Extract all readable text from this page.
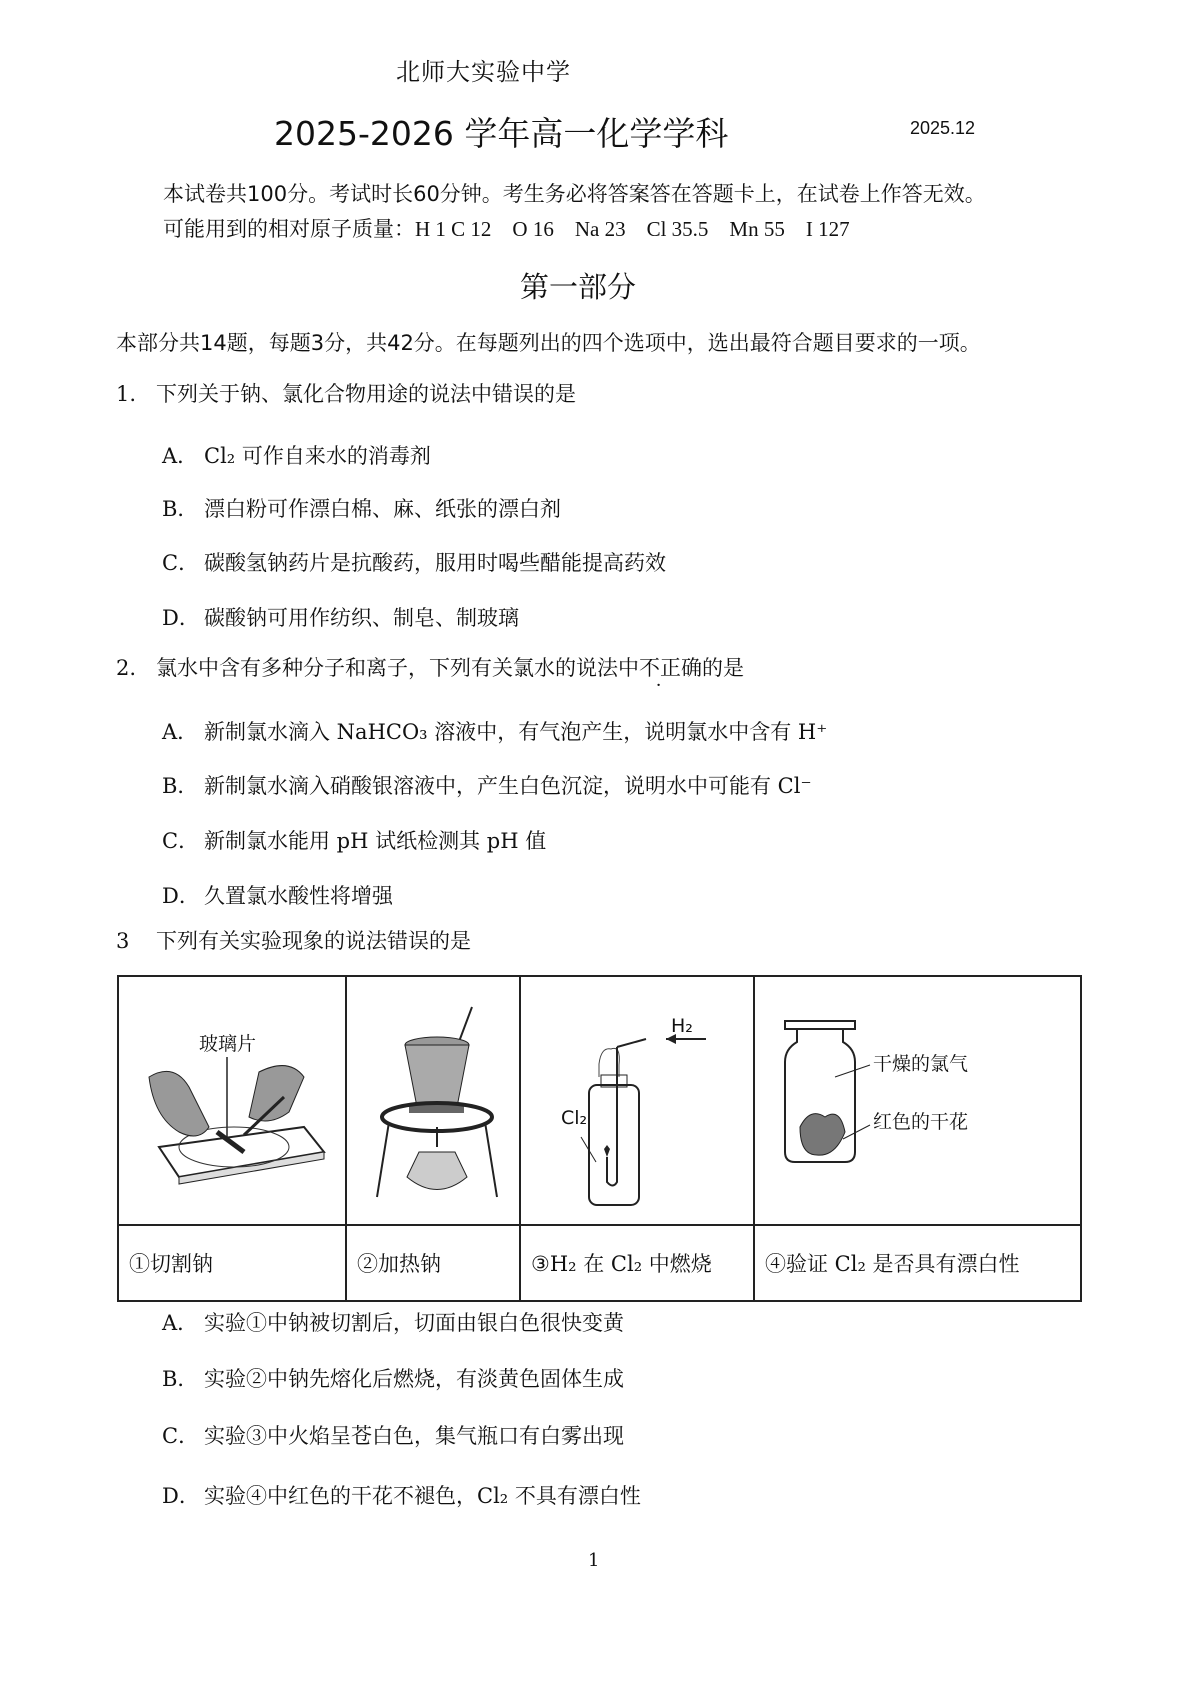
北师大实验中学
2025-2026 学年高一化学学科	2025.12
本试卷共100分。考试时长60分钟。考生务必将答案答在答题卡上，在试卷上作答无效。
可能用到的相对原子质量：H 1 C 12　O 16　Na 23　Cl 35.5　Mn 55　I 127
第一部分
本部分共14题，每题3分，共42分。在每题列出的四个选项中，选出最符合题目要求的一项。
1. 下列关于钠、氯化合物用途的说法中错误的是
A． Cl₂ 可作自来水的消毒剂
B． 漂白粉可作漂白棉、麻、纸张的漂白剂
C． 碳酸氢钠药片是抗酸药，服用时喝些醋能提高药效
D． 碳酸钠可用作纺织、制皂、制玻璃
2. 氯水中含有多种分子和离子，下列有关氯水的说法中不正确的是
A． 新制氯水滴入 NaHCO₃ 溶液中，有气泡产生，说明氯水中含有 H⁺
B． 新制氯水滴入硝酸银溶液中，产生白色沉淀，说明水中可能有 Cl⁻
C． 新制氯水能用 pH 试纸检测其 pH 值
D． 久置氯水酸性将增强
3 下列有关实验现象的说法错误的是
玻璃片		H₂
Cl₂	干燥的氯气
红色的干花

①切割钠	②加热钠	③H₂ 在 Cl₂ 中燃烧	④验证 Cl₂ 是否具有漂白性
A． 实验①中钠被切割后，切面由银白色很快变黄
B． 实验②中钠先熔化后燃烧，有淡黄色固体生成
C． 实验③中火焰呈苍白色，集气瓶口有白雾出现
D． 实验④中红色的干花不褪色，Cl₂ 不具有漂白性
1
